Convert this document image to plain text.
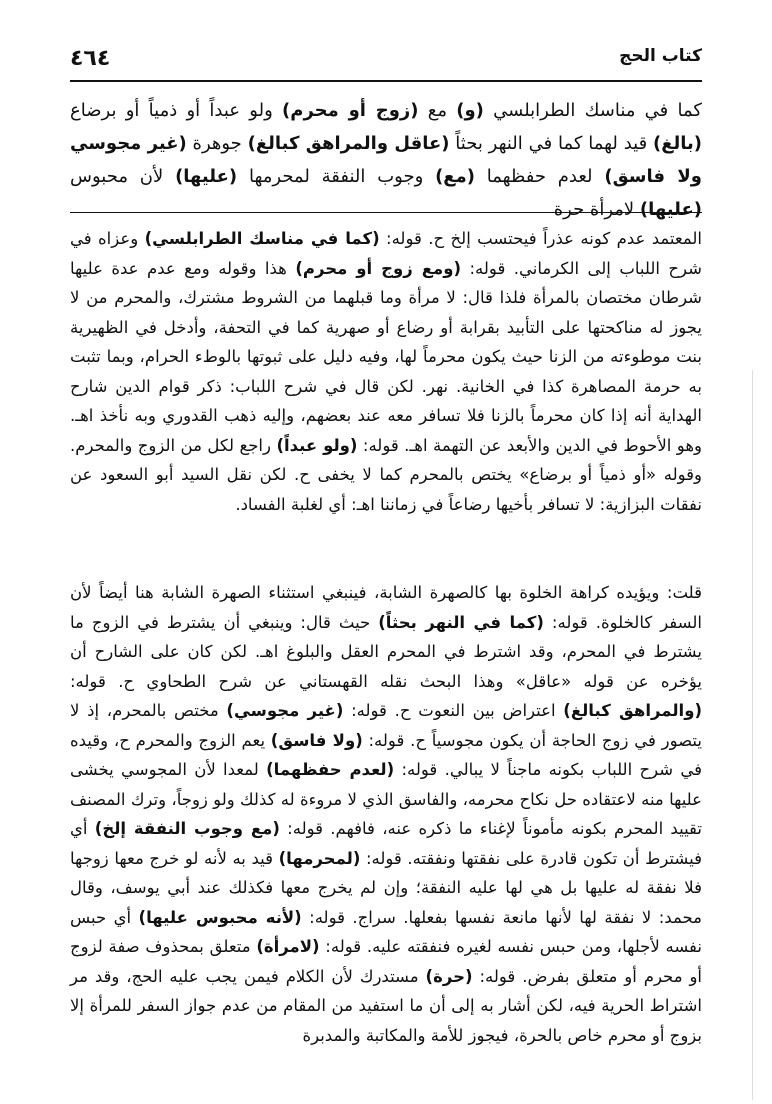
كتاب الحج
٤٦٤
كما في مناسك الطرابلسي (و) مع (زوج أو محرم) ولو عبداً أو ذمياً أو برضاع (بالغ) قيد لهما كما في النهر بحثاً (عاقل والمراهق كبالغ) جوهرة (غير مجوسي ولا فاسق) لعدم حفظهما (مع) وجوب النفقة لمحرمها (عليها) لأن محبوس (عليها) لامرأة حرة

المعتمد عدم كونه عذراً فيحتسب إلخ ح. قوله: (كما في مناسك الطرابلسي) وعزاه في شرح اللباب إلى الكرماني. قوله: (ومع زوج أو محرم) هذا وقوله ومع عدم عدة عليها شرطان مختصان بالمرأة فلذا قال: لا مرأة وما قبلهما من الشروط مشترك، والمحرم من لا يجوز له مناكحتها على التأبيد بقرابة أو رضاع أو صهرية كما في التحفة، وأدخل في الظهيرية بنت موطوءته من الزنا حيث يكون محرماً لها، وفيه دليل على ثبوتها بالوطء الحرام، وبما تثبت به حرمة المصاهرة كذا في الخانية. نهر. لكن قال في شرح اللباب: ذكر قوام الدين شارح الهداية أنه إذا كان محرماً بالزنا فلا تسافر معه عند بعضهم، وإليه ذهب القدوري وبه نأخذ اهـ. وهو الأحوط في الدين والأبعد عن التهمة اهـ. قوله: (ولو عبداً) راجع لكل من الزوج والمحرم. وقوله «أو ذمياً أو برضاع» يختص بالمحرم كما لا يخفى ح. لكن نقل السيد أبو السعود عن نفقات البزازية: لا تسافر بأخيها رضاعاً في زماننا اهـ: أي لغلبة الفساد.

قلت: ويؤيده كراهة الخلوة بها كالصهرة الشابة، فينبغي استثناء الصهرة الشابة هنا أيضاً لأن السفر كالخلوة. قوله: (كما في النهر بحثاً) حيث قال: وينبغي أن يشترط في الزوج ما يشترط في المحرم، وقد اشترط في المحرم العقل والبلوغ اهـ. لكن كان على الشارح أن يؤخره عن قوله «عاقل» وهذا البحث نقله القهستاني عن شرح الطحاوي ح. قوله: (والمراهق كبالغ) اعتراض بين النعوت ح. قوله: (غير مجوسي) مختص بالمحرم، إذ لا يتصور في زوج الحاجة أن يكون مجوسياً ح. قوله: (ولا فاسق) يعم الزوج والمحرم ح، وقيده في شرح اللباب بكونه ماجناً لا يبالي. قوله: (لعدم حفظهما) لمعدا لأن المجوسي يخشى عليها منه لاعتقاده حل نكاح محرمه، والفاسق الذي لا مروءة له كذلك ولو زوجاً، وترك المصنف تقييد المحرم بكونه مأموناً لإغناء ما ذكره عنه، فافهم. قوله: (مع وجوب النفقة إلخ) أي فيشترط أن تكون قادرة على نفقتها ونفقته. قوله: (لمحرمها) قيد به لأنه لو خرج معها زوجها فلا نفقة له عليها بل هي لها عليه النفقة؛ وإن لم يخرج معها فكذلك عند أبي يوسف، وقال محمد: لا نفقة لها لأنها مانعة نفسها بفعلها. سراج. قوله: (لأنه محبوس عليها) أي حبس نفسه لأجلها، ومن حبس نفسه لغيره فنفقته عليه. قوله: (لامرأة) متعلق بمحذوف صفة لزوج أو محرم أو متعلق بفرض. قوله: (حرة) مستدرك لأن الكلام فيمن يجب عليه الحج، وقد مر اشتراط الحرية فيه، لكن أشار به إلى أن ما استفيد من المقام من عدم جواز السفر للمرأة إلا بزوج أو محرم خاص بالحرة، فيجوز للأمة والمكاتبة والمدبرة
